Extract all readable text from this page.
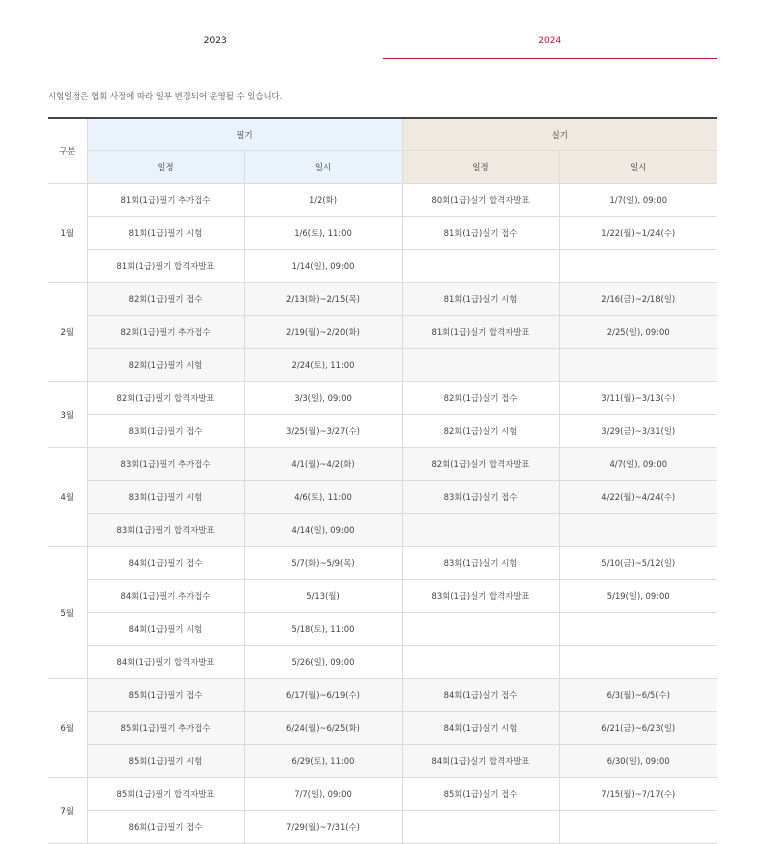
2023	2024
시험일정은 협회 사정에 따라 일부 변경되어 운영될 수 있습니다.
구분	필기		실기	
	일정	일시	일정	일시
1월	81회(1급)필기 추가접수	1/2(화)	80회(1급)실기 합격자발표	1/7(일), 09:00
	81회(1급)필기 시험	1/6(토), 11:00	81회(1급)실기 접수	1/22(월)~1/24(수)
	81회(1급)필기 합격자발표	1/14(일), 09:00		
2월	82회(1급)필기 접수	2/13(화)~2/15(목)	81회(1급)실기 시험	2/16(금)~2/18(일)
	82회(1급)필기 추가접수	2/19(월)~2/20(화)	81회(1급)실기 합격자발표	2/25(일), 09:00
	82회(1급)필기 시험	2/24(토), 11:00		
3월	82회(1급)필기 합격자발표	3/3(일), 09:00	82회(1급)실기 접수	3/11(월)~3/13(수)
	83회(1급)필기 접수	3/25(월)~3/27(수)	82회(1급)실기 시험	3/29(금)~3/31(일)
4월	83회(1급)필기 추가접수	4/1(월)~4/2(화)	82회(1급)실기 합격자발표	4/7(일), 09:00
	83회(1급)필기 시험	4/6(토), 11:00	83회(1급)실기 접수	4/22(월)~4/24(수)
	83회(1급)필기 합격자발표	4/14(일), 09:00		
5월	84회(1급)필기 접수	5/7(화)~5/9(목)	83회(1급)실기 시험	5/10(금)~5/12(일)
	84회(1급)필기 추가접수	5/13(월)	83회(1급)실기 합격자발표	5/19(일), 09:00
	84회(1급)필기 시험	5/18(토), 11:00		
	84회(1급)필기 합격자발표	5/26(일), 09:00		
6월	85회(1급)필기 접수	6/17(월)~6/19(수)	84회(1급)실기 접수	6/3(월)~6/5(수)
	85회(1급)필기 추가접수	6/24(월)~6/25(화)	84회(1급)실기 시험	6/21(금)~6/23(일)
	85회(1급)필기 시험	6/29(토), 11:00	84회(1급)실기 합격자발표	6/30(일), 09:00
7월	85회(1급)필기 합격자발표	7/7(일), 09:00	85회(1급)실기 접수	7/15(월)~7/17(수)
	86회(1급)필기 접수	7/29(월)~7/31(수)		
